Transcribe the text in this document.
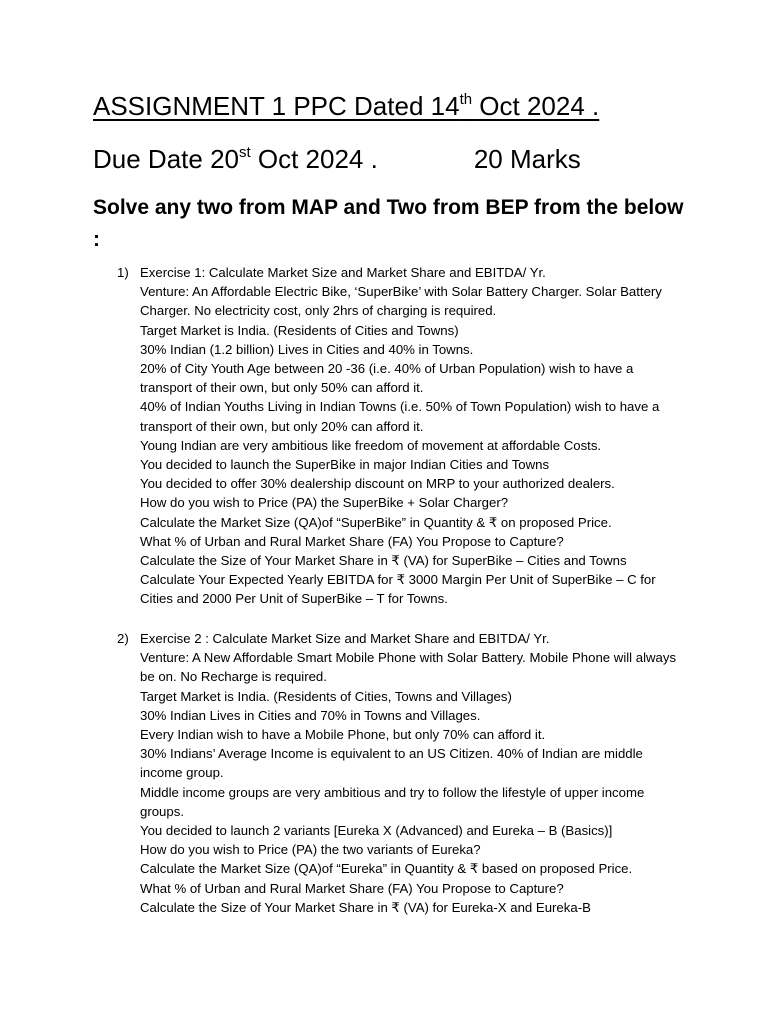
ASSIGNMENT 1 PPC Dated 14th Oct 2024 .
Due Date 20st Oct 2024 .	20 Marks
Solve any two from MAP and Two from BEP from the below :
1) Exercise 1: Calculate Market Size and Market Share and EBITDA/ Yr.
Venture: An Affordable Electric Bike, ‘SuperBike’ with Solar Battery Charger. Solar Battery Charger. No electricity cost, only 2hrs of charging is required.
Target Market is India. (Residents of Cities and Towns)
30% Indian (1.2 billion) Lives in Cities and 40% in Towns.
20% of City Youth Age between 20 -36 (i.e. 40% of Urban Population) wish to have a transport of their own, but only 50% can afford it.
40% of Indian Youths Living in Indian Towns (i.e. 50% of Town Population) wish to have a transport of their own, but only 20% can afford it.
Young Indian are very ambitious like freedom of movement at affordable Costs.
You decided to launch the SuperBike in major Indian Cities and Towns
You decided to offer 30% dealership discount on MRP to your authorized dealers.
How do you wish to Price (PA) the SuperBike + Solar Charger?
Calculate the Market Size (QA)of “SuperBike” in Quantity & ₹ on proposed Price.
What % of Urban and Rural Market Share (FA) You Propose to Capture?
Calculate the Size of Your Market Share in ₹ (VA) for SuperBike – Cities and Towns
Calculate Your Expected Yearly EBITDA for ₹ 3000 Margin Per Unit of SuperBike – C for Cities and 2000 Per Unit of SuperBike – T for Towns.
2) Exercise 2 : Calculate Market Size and Market Share and EBITDA/ Yr.
Venture: A New Affordable Smart Mobile Phone with Solar Battery. Mobile Phone will always be on. No Recharge is required.
Target Market is India. (Residents of Cities, Towns and Villages)
30% Indian Lives in Cities and 70% in Towns and Villages.
Every Indian wish to have a Mobile Phone, but only 70% can afford it.
30% Indians’ Average Income is equivalent to an US Citizen. 40% of Indian are middle income group.
Middle income groups are very ambitious and try to follow the lifestyle of upper income groups.
You decided to launch 2 variants [Eureka X (Advanced) and Eureka – B (Basics)]
How do you wish to Price (PA) the two variants of Eureka?
Calculate the Market Size (QA)of “Eureka” in Quantity & ₹ based on proposed Price.
What % of Urban and Rural Market Share (FA) You Propose to Capture?
Calculate the Size of Your Market Share in ₹ (VA) for Eureka-X and Eureka-B
